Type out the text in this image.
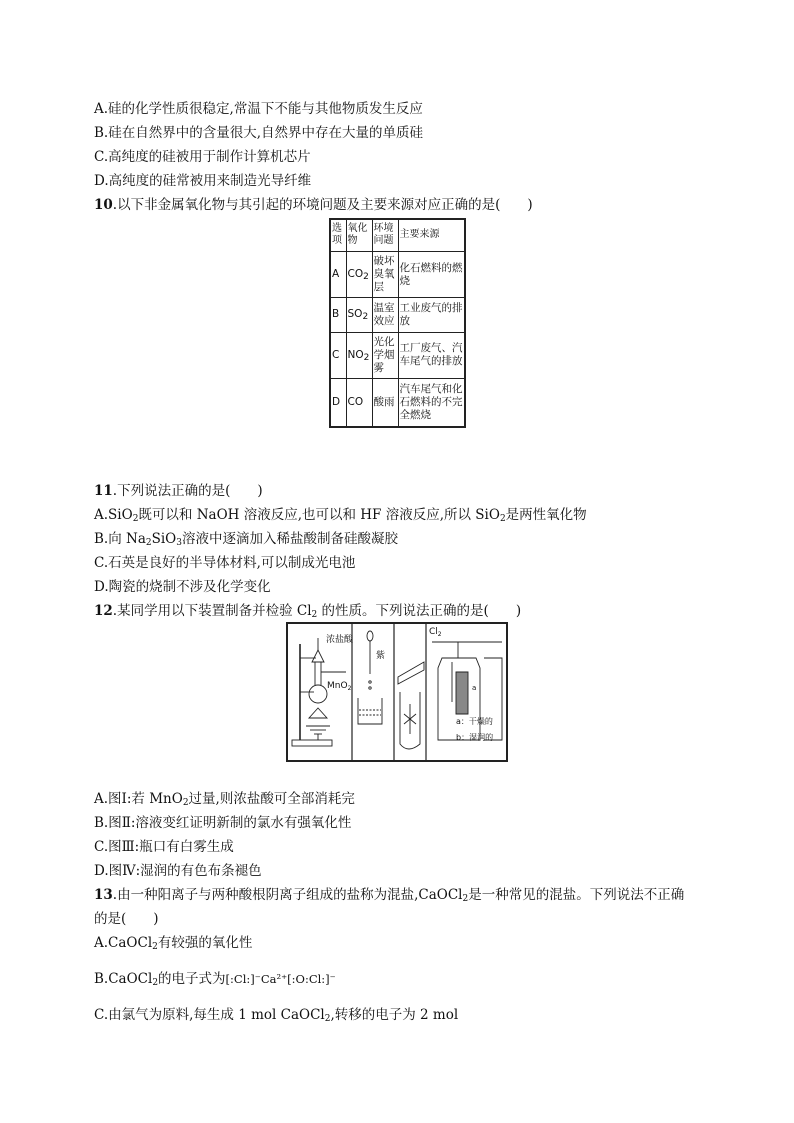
A.硅的化学性质很稳定,常温下不能与其他物质发生反应
B.硅在自然界中的含量很大,自然界中存在大量的单质硅
C.高纯度的硅被用于制作计算机芯片
D.高纯度的硅常被用来制造光导纤维
10.以下非金属氧化物与其引起的环境问题及主要来源对应正确的是(　　)
选项	氧化物	环境问题	主要来源
A	$CO_2$	破坏臭氧层	化石燃料的燃烧
B	$SO_2$	温室效应	工业废气的排放
C	$NO_2$	光化学烟雾	工厂废气、汽车尾气的排放
D	CO	酸雨	汽车尾气和化石燃料的不完全燃烧
11.下列说法正确的是(　　)
A.SiO$_2$既可以和 NaOH 溶液反应,也可以和 HF 溶液反应,所以 SiO$_2$是两性氧化物
B.向 $Na_2SiO_3$溶液中逐滴加入稀盐酸制备硅酸凝胶
C.石英是良好的半导体材料,可以制成光电池
D.陶瓷的烧制不涉及化学变化
12.某同学用以下装置制备并检验 $Cl_2$ 的性质。下列说法正确的是(　　)
浓盐酸
MnO$_2$
紫
$Cl_2$
a
a：干燥的
b：湿润的
A.图Ⅰ:若 MnO$_2$过量,则浓盐酸可全部消耗完
B.图Ⅱ:溶液变红证明新制的氯水有强氧化性
C.图Ⅲ:瓶口有白雾生成
D.图Ⅳ:湿润的有色布条褪色
13.由一种阳离子与两种酸根阴离子组成的盐称为混盐,CaOCl$_2$是一种常见的混盐。下列说法不正确
的是(　　)
A.CaOCl$_2$有较强的氧化性
B.CaOCl$_2$的电子式为[:Cl:]⁻Ca²⁺[:O:Cl:]⁻
C.由氯气为原料,每生成 1 mol CaOCl$_2$,转移的电子为 2 mol
